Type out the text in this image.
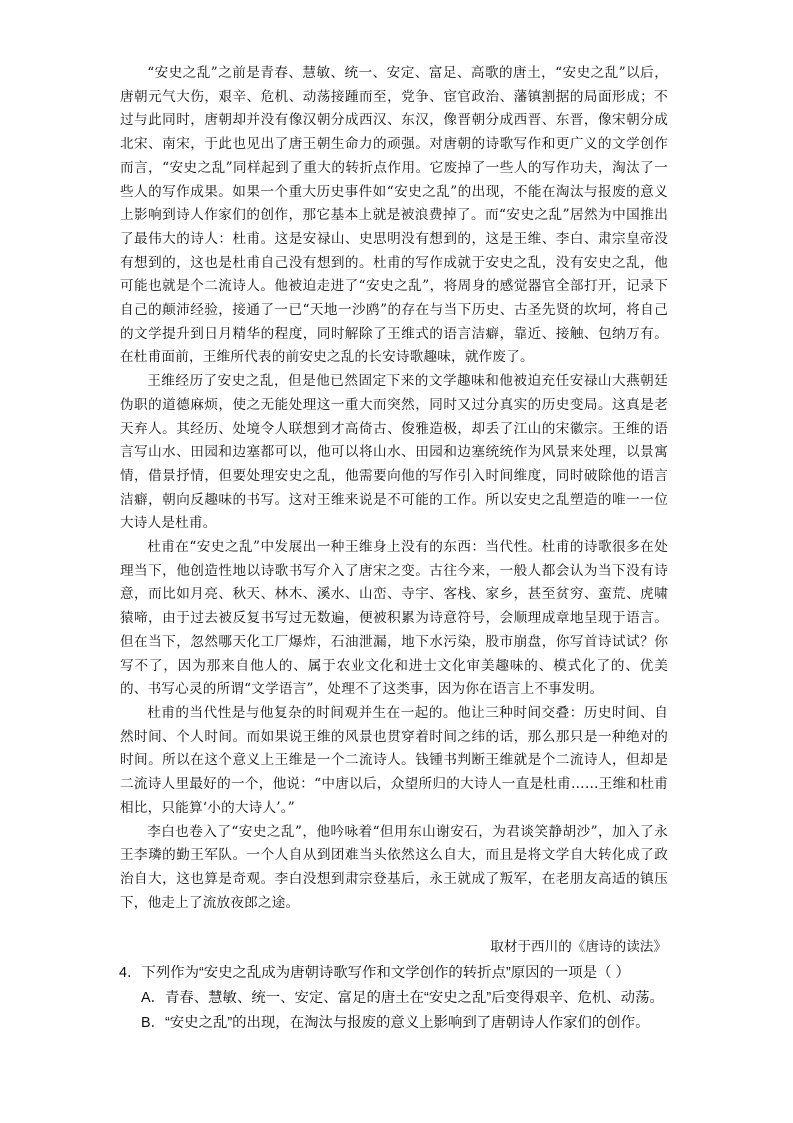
“安史之乱”之前是青春、慧敏、统一、安定、富足、高歌的唐土，“安史之乱”以后，唐朝元气大伤，艰辛、危机、动荡接踵而至，党争、宦官政治、藩镇割据的局面形成；不过与此同时，唐朝却并没有像汉朝分成西汉、东汉，像晋朝分成西晋、东晋，像宋朝分成北宋、南宋，于此也见出了唐王朝生命力的顽强。对唐朝的诗歌写作和更广义的文学创作而言，“安史之乱”同样起到了重大的转折点作用。它废掉了一些人的写作功夫，淘汰了一些人的写作成果。如果一个重大历史事件如“安史之乱”的出现，不能在淘汰与报废的意义上影响到诗人作家们的创作，那它基本上就是被浪费掉了。而“安史之乱”居然为中国推出了最伟大的诗人：杜甫。这是安禄山、史思明没有想到的，这是王维、李白、肃宗皇帝没有想到的，这也是杜甫自己没有想到的。杜甫的写作成就于安史之乱，没有安史之乱，他可能也就是个二流诗人。他被迫走进了“安史之乱”，将周身的感觉器官全部打开，记录下自己的颠沛经验，接通了一已“天地一沙鸥”的存在与当下历史、古圣先贤的坎坷，将自己的文学提升到日月精华的程度，同时解除了王维式的语言洁癖，靠近、接触、包纳万有。在杜甫面前，王维所代表的前安史之乱的长安诗歌趣味，就作废了。

王维经历了安史之乱，但是他已然固定下来的文学趣味和他被迫充任安禄山大燕朝廷伪职的道德麻烦，使之无能处理这一重大而突然，同时又过分真实的历史变局。这真是老天弃人。其经历、处境令人联想到才高倚古、俊雅造极，却丢了江山的宋徽宗。王维的语言写山水、田园和边塞都可以，他可以将山水、田园和边塞统统作为风景来处理，以景寓情，借景抒情，但要处理安史之乱，他需要向他的写作引入时间维度，同时破除他的语言洁癖，朝向反趣味的书写。这对王维来说是不可能的工作。所以安史之乱塑造的唯一一位大诗人是杜甫。

杜甫在“安史之乱”中发展出一种王维身上没有的东西：当代性。杜甫的诗歌很多在处理当下，他创造性地以诗歌书写介入了唐宋之变。古往今来，一般人都会认为当下没有诗意，而比如月亮、秋天、林木、溪水、山峦、寺宇、客栈、家乡，甚至贫穷、蛮荒、虎啸猿啼，由于过去被反复书写过无数遍，便被积累为诗意符号，会顺理成章地呈现于语言。但在当下，忽然哪天化工厂爆炸，石油泄漏，地下水污染，股市崩盘，你写首诗试试？你写不了，因为那来自他人的、属于农业文化和进士文化审美趣味的、模式化了的、优美的、书写心灵的所谓“文学语言”，处理不了这类事，因为你在语言上不事发明。

杜甫的当代性是与他复杂的时间观并生在一起的。他让三种时间交叠：历史时间、自然时间、个人时间。而如果说王维的风景也贯穿着时间之纬的话，那么那只是一种绝对的时间。所以在这个意义上王维是一个二流诗人。钱锺书判断王维就是个二流诗人，但却是二流诗人里最好的一个，他说：“中唐以后，众望所归的大诗人一直是杜甫……王维和杜甫相比，只能算‘小的大诗人’。”

李白也卷入了“安史之乱”，他吟咏着“但用东山谢安石，为君谈笑静胡沙”，加入了永王李璘的勤王军队。一个人自从到团难当头依然这么自大，而且是将文学自大转化成了政治自大，这也算是奇观。李白没想到肃宗登基后，永王就成了叛军，在老朋友高适的镇压下，他走上了流放夜郎之途。

取材于西川的《唐诗的读法》

4．下列作为“安史之乱成为唐朝诗歌写作和文学创作的转折点”原因的一项是（ ）

A．青春、慧敏、统一、安定、富足的唐土在“安史之乱”后变得艰辛、危机、动荡。

B．“安史之乱”的出现，在淘汰与报废的意义上影响到了唐朝诗人作家们的创作。
